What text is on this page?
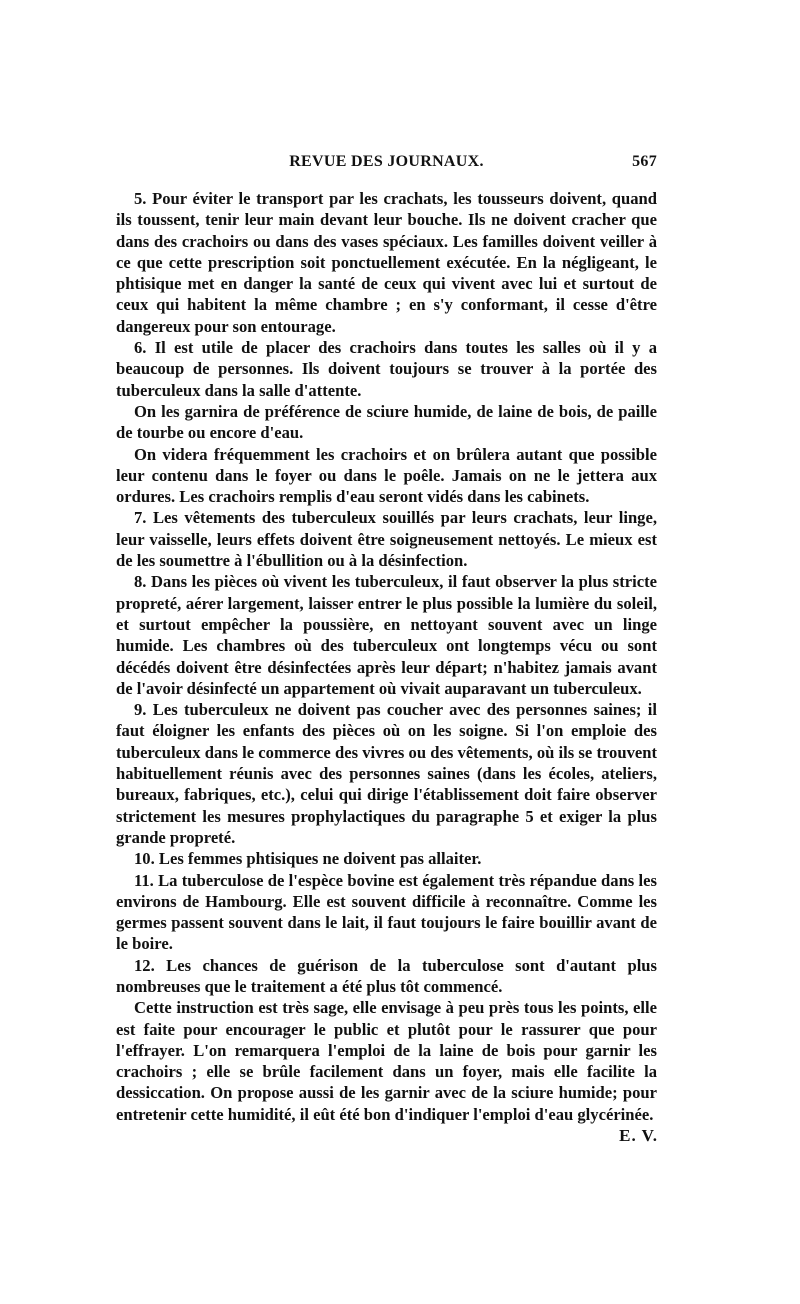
REVUE DES JOURNAUX.	567

5. Pour éviter le transport par les crachats, les tousseurs doivent, quand ils toussent, tenir leur main devant leur bouche. Ils ne doivent cracher que dans des crachoirs ou dans des vases spéciaux. Les familles doivent veiller à ce que cette prescription soit ponctuellement exécutée. En la négligeant, le phtisique met en danger la santé de ceux qui vivent avec lui et surtout de ceux qui habitent la même chambre ; en s'y conformant, il cesse d'être dangereux pour son entourage.

6. Il est utile de placer des crachoirs dans toutes les salles où il y a beaucoup de personnes. Ils doivent toujours se trouver à la portée des tuberculeux dans la salle d'attente.

On les garnira de préférence de sciure humide, de laine de bois, de paille de tourbe ou encore d'eau.

On videra fréquemment les crachoirs et on brûlera autant que possible leur contenu dans le foyer ou dans le poêle. Jamais on ne le jettera aux ordures. Les crachoirs remplis d'eau seront vidés dans les cabinets.

7. Les vêtements des tuberculeux souillés par leurs crachats, leur linge, leur vaisselle, leurs effets doivent être soigneusement nettoyés. Le mieux est de les soumettre à l'ébullition ou à la désinfection.

8. Dans les pièces où vivent les tuberculeux, il faut observer la plus stricte propreté, aérer largement, laisser entrer le plus possible la lumière du soleil, et surtout empêcher la poussière, en nettoyant souvent avec un linge humide. Les chambres où des tuberculeux ont longtemps vécu ou sont décédés doivent être désinfectées après leur départ; n'habitez jamais avant de l'avoir désinfecté un appartement où vivait auparavant un tuberculeux.

9. Les tuberculeux ne doivent pas coucher avec des personnes saines; il faut éloigner les enfants des pièces où on les soigne. Si l'on emploie des tuberculeux dans le commerce des vivres ou des vêtements, où ils se trouvent habituellement réunis avec des personnes saines (dans les écoles, ateliers, bureaux, fabriques, etc.), celui qui dirige l'établissement doit faire observer strictement les mesures prophylactiques du paragraphe 5 et exiger la plus grande propreté.

10. Les femmes phtisiques ne doivent pas allaiter.

11. La tuberculose de l'espèce bovine est également très répandue dans les environs de Hambourg. Elle est souvent difficile à reconnaître. Comme les germes passent souvent dans le lait, il faut toujours le faire bouillir avant de le boire.

12. Les chances de guérison de la tuberculose sont d'autant plus nombreuses que le traitement a été plus tôt commencé.

Cette instruction est très sage, elle envisage à peu près tous les points, elle est faite pour encourager le public et plutôt pour le rassurer que pour l'effrayer. L'on remarquera l'emploi de la laine de bois pour garnir les crachoirs ; elle se brûle facilement dans un foyer, mais elle facilite la dessiccation. On propose aussi de les garnir avec de la sciure humide; pour entretenir cette humidité, il eût été bon d'indiquer l'emploi d'eau glycérinée.

E. V.
